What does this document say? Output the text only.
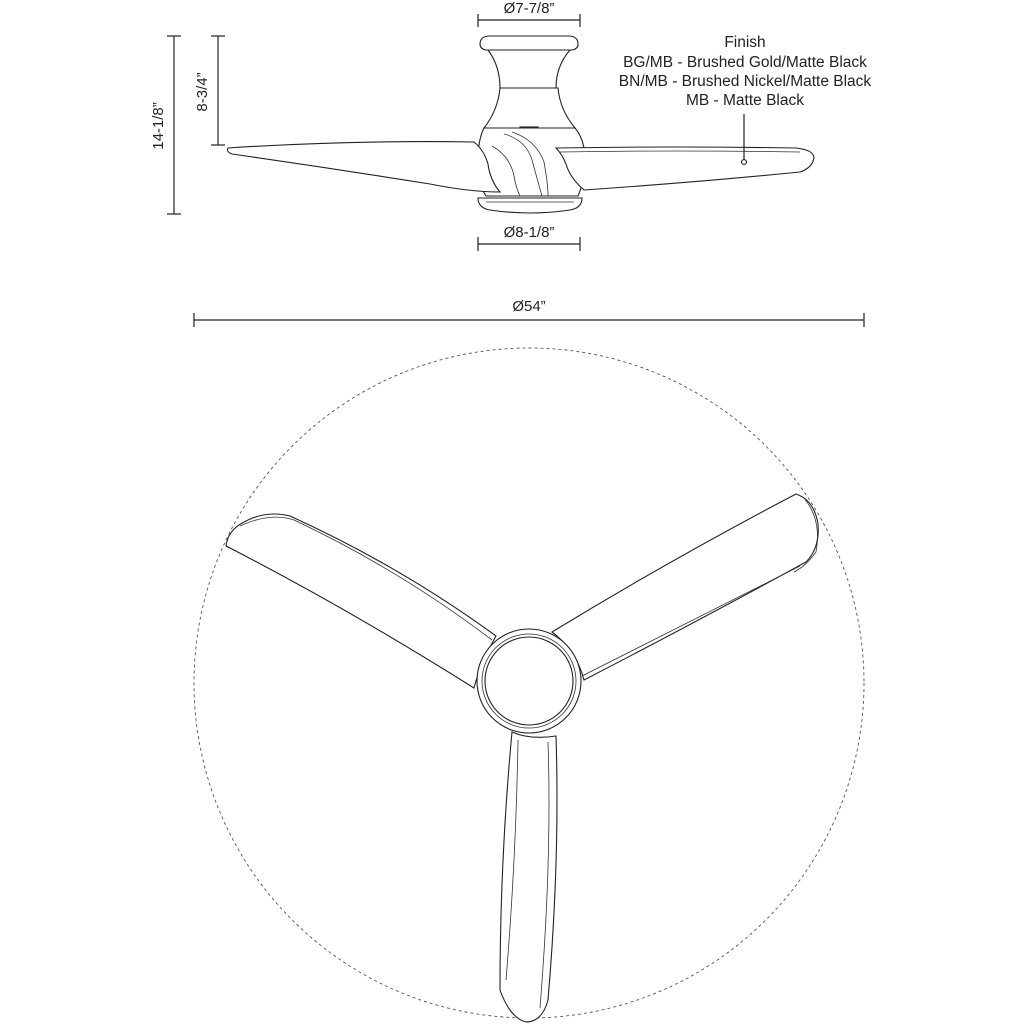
Ø7-7/8”
14-1/8”
8-3/4”
Ø8-1/8”
Finish
BG/MB - Brushed Gold/Matte Black
BN/MB - Brushed Nickel/Matte Black
MB - Matte Black
Ø54”
